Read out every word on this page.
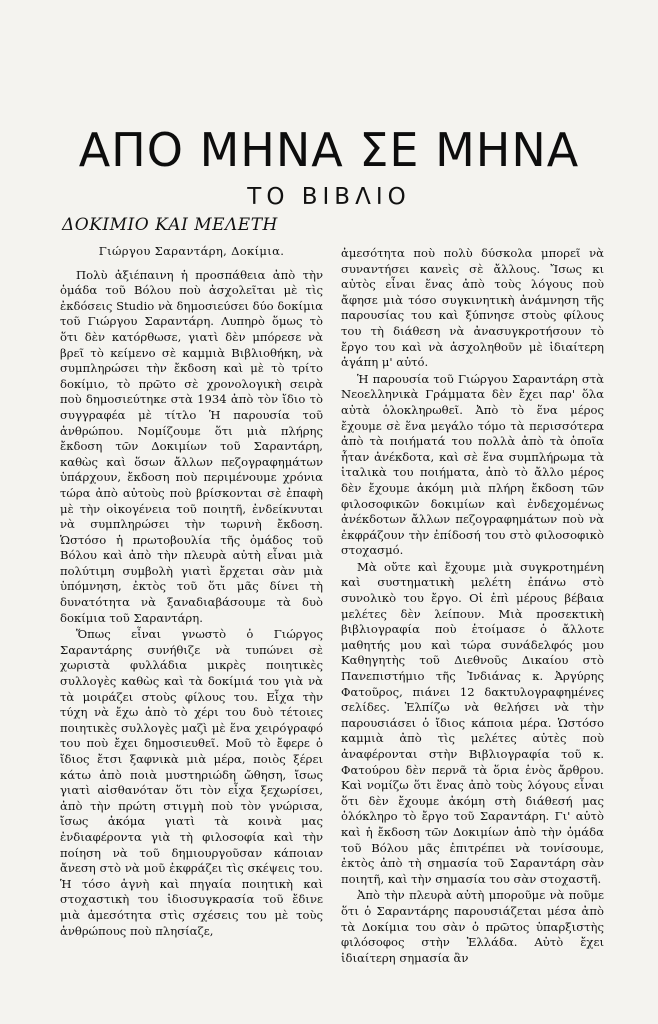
ΑΠΟ ΜΗΝΑ ΣΕ ΜΗΝΑ
ΤΟ ΒΙΒΛΙΟ
ΔΟΚΙΜΙΟ ΚΑΙ ΜΕΛΕΤΗ

Γιώργου Σαραντάρη, Δοκίμια.

Πολὺ ἀξιέπαινη ἡ προσπάθεια ἀπὸ τὴν ὁμάδα τοῦ Βόλου ποὺ ἀσχολεῖται μὲ τὶς ἐκδόσεις Studio νὰ δημοσιεύσει δύο δοκίμια τοῦ Γιώργου Σαραντάρη. Λυπηρὸ ὅμως τὸ ὅτι δὲν κατόρθωσε, γιατὶ δὲν μπόρεσε νὰ βρεῖ τὸ κείμενο σὲ καμμιὰ Βιβλιοθήκη, νὰ συμπληρώσει τὴν ἔκδοση καὶ μὲ τὸ τρίτο δοκίμιο, τὸ πρῶτο σὲ χρονολογικὴ σειρὰ ποὺ δημοσιεύτηκε στὰ 1934 ἀπὸ τὸν ἴδιο τὸ συγγραφέα μὲ τίτλο Ἡ παρουσία τοῦ ἀνθρώπου. Νομίζουμε ὅτι μιὰ πλήρης ἔκδοση τῶν Δοκιμίων τοῦ Σαραντάρη, καθὼς καὶ ὅσων ἄλλων πεζογραφημάτων ὑπάρχουν, ἔκδοση ποὺ περιμένουμε χρόνια τώρα ἀπὸ αὐτοὺς ποὺ βρίσκονται σὲ ἐπαφὴ μὲ τὴν οἰκογένεια τοῦ ποιητῆ, ἐνδείκνυται νὰ συμπληρώσει τὴν τωρινὴ ἔκδοση. Ὡστόσο ἡ πρωτοβουλία τῆς ὁμάδος τοῦ Βόλου καὶ ἀπὸ τὴν πλευρὰ αὐτὴ εἶναι μιὰ πολύτιμη συμβολὴ γιατὶ ἔρχεται σὰν μιὰ ὑπόμνηση, ἐκτὸς τοῦ ὅτι μᾶς δίνει τὴ δυνατότητα νὰ ξαναδιαβάσουμε τὰ δυὸ δοκίμια τοῦ Σαραντάρη.

Ὅπως εἶναι γνωστὸ ὁ Γιώργος Σαραντάρης συνήθιζε νὰ τυπώνει σὲ χωριστὰ φυλλάδια μικρὲς ποιητικὲς συλλογὲς καθὼς καὶ τὰ δοκίμιά του γιὰ νὰ τὰ μοιράζει στοὺς φίλους του. Εἶχα τὴν τύχη νὰ ἔχω ἀπὸ τὸ χέρι του δυὸ τέτοιες ποιητικὲς συλλογὲς μαζὶ μὲ ἕνα χειρόγραφό του ποὺ ἔχει δημοσιευθεῖ. Μοῦ τὸ ἔφερε ὁ ἴδιος ἔτσι ξαφνικὰ μιὰ μέρα, ποιὸς ξέρει κάτω ἀπὸ ποιὰ μυστηριώδη ὤθηση, ἴσως γιατὶ αἰσθανόταν ὅτι τὸν εἶχα ξεχωρίσει, ἀπὸ τὴν πρώτη στιγμὴ ποὺ τὸν γνώρισα, ἴσως ἀκόμα γιατὶ τὰ κοινὰ μας ἐνδιαφέροντα γιὰ τὴ φιλοσοφία καὶ τὴν ποίηση νὰ τοῦ δημιουργοῦσαν κάποιαν ἄνεση στὸ νὰ μοῦ ἐκφράζει τὶς σκέψεις του. Ἡ τόσο ἁγνὴ καὶ πηγαία ποιητικὴ καὶ στοχαστικὴ του ἰδιοσυγκρασία τοῦ ἔδινε μιὰ ἀμεσότητα στὶς σχέσεις του μὲ τοὺς ἀνθρώπους ποὺ πλησίαζε,

ἀμεσότητα ποὺ πολὺ δύσκολα μπορεῖ νὰ συναντήσει κανεὶς σὲ ἄλλους. Ἴσως κι αὐτὸς εἶναι ἕνας ἀπὸ τοὺς λόγους ποὺ ἄφησε μιὰ τόσο συγκινητικὴ ἀνάμνηση τῆς παρουσίας του καὶ ξύπνησε στοὺς φίλους του τὴ διάθεση νὰ ἀνασυγκροτήσουν τὸ ἔργο του καὶ νὰ ἀσχοληθοῦν μὲ ἰδιαίτερη ἀγάπη μ' αὐτό.

Ἡ παρουσία τοῦ Γιώργου Σαραντάρη στὰ Νεοελληνικὰ Γράμματα δὲν ἔχει παρ' ὅλα αὐτὰ ὁλοκληρωθεῖ. Ἀπὸ τὸ ἕνα μέρος ἔχουμε σὲ ἕνα μεγάλο τόμο τὰ περισσότερα ἀπὸ τὰ ποιήματά του πολλὰ ἀπὸ τὰ ὁποῖα ἦταν ἀνέκδοτα, καὶ σὲ ἕνα συμπλήρωμα τὰ ἰταλικὰ του ποιήματα, ἀπὸ τὸ ἄλλο μέρος δὲν ἔχουμε ἀκόμη μιὰ πλήρη ἔκδοση τῶν φιλοσοφικῶν δοκιμίων καὶ ἐνδεχομένως ἀνέκδοτων ἄλλων πεζογραφημάτων ποὺ νὰ ἐκφράζουν τὴν ἐπίδοσή του στὸ φιλοσοφικὸ στοχασμό.

Μὰ οὔτε καὶ ἔχουμε μιὰ συγκροτημένη καὶ συστηματικὴ μελέτη ἐπάνω στὸ συνολικὸ του ἔργο. Οἱ ἐπὶ μέρους βέβαια μελέτες δὲν λείπουν. Μιὰ προσεκτικὴ βιβλιογραφία ποὺ ἑτοίμασε ὁ ἄλλοτε μαθητής μου καὶ τώρα συνάδελφός μου Καθηγητὴς τοῦ Διεθνοῦς Δικαίου στὸ Πανεπιστήμιο τῆς Ἰνδιάνας κ. Ἀργύρης Φατοῦρος, πιάνει 12 δακτυλογραφημένες σελίδες. Ἐλπίζω νὰ θελήσει νὰ τὴν παρουσιάσει ὁ ἴδιος κάποια μέρα. Ὡστόσο καμμιὰ ἀπὸ τὶς μελέτες αὐτὲς ποὺ ἀναφέρονται στὴν Βιβλιογραφία τοῦ κ. Φατούρου δὲν περνᾶ τὰ ὅρια ἑνὸς ἄρθρου. Καὶ νομίζω ὅτι ἕνας ἀπὸ τοὺς λόγους εἶναι ὅτι δὲν ἔχουμε ἀκόμη στὴ διάθεσή μας ὁλόκληρο τὸ ἔργο τοῦ Σαραντάρη. Γι' αὐτὸ καὶ ἡ ἔκδοση τῶν Δοκιμίων ἀπὸ τὴν ὁμάδα τοῦ Βόλου μᾶς ἐπιτρέπει νὰ τονίσουμε, ἐκτὸς ἀπὸ τὴ σημασία τοῦ Σαραντάρη σὰν ποιητῆ, καὶ τὴν σημασία του σὰν στοχαστῆ.

Ἀπὸ τὴν πλευρὰ αὐτὴ μποροῦμε νὰ ποῦμε ὅτι ὁ Σαραντάρης παρουσιάζεται μέσα ἀπὸ τὰ Δοκίμια του σὰν ὁ πρῶτος ὑπαρξιστὴς φιλόσοφος στὴν Ἑλλάδα. Αὐτὸ ἔχει ἰδιαίτερη σημασία ἂν
